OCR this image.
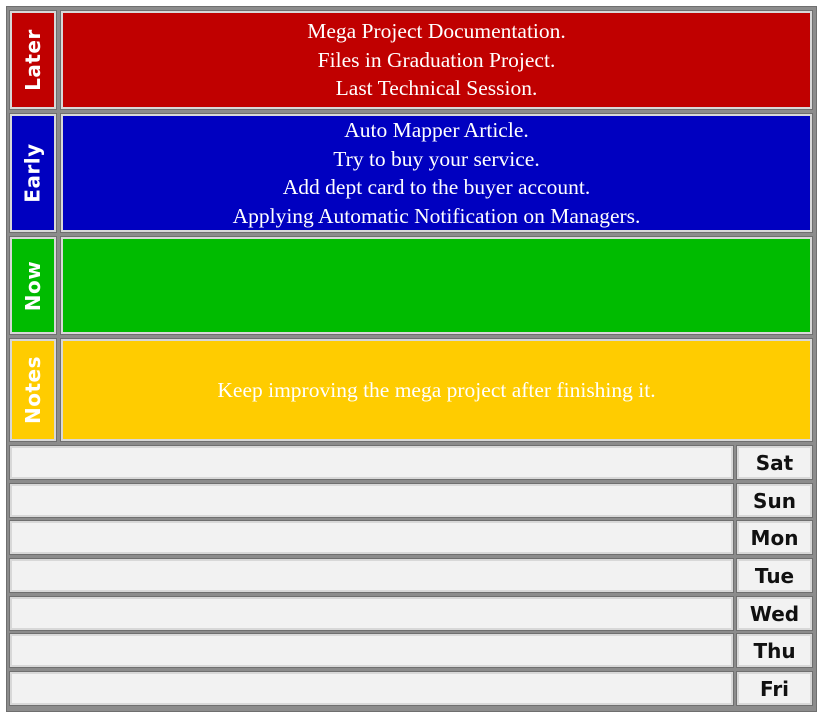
Later	Mega Project Documentation.
Files in Graduation Project.
Last Technical Session.
Early
Auto Mapper Article.
Try to buy your service.
Add dept card to the buyer account.
Applying Automatic Notification on Managers.
Now
Notes	Keep improving the mega project after finishing it.
Sat
Sun
Mon
Tue
Wed
Thu
Fri
